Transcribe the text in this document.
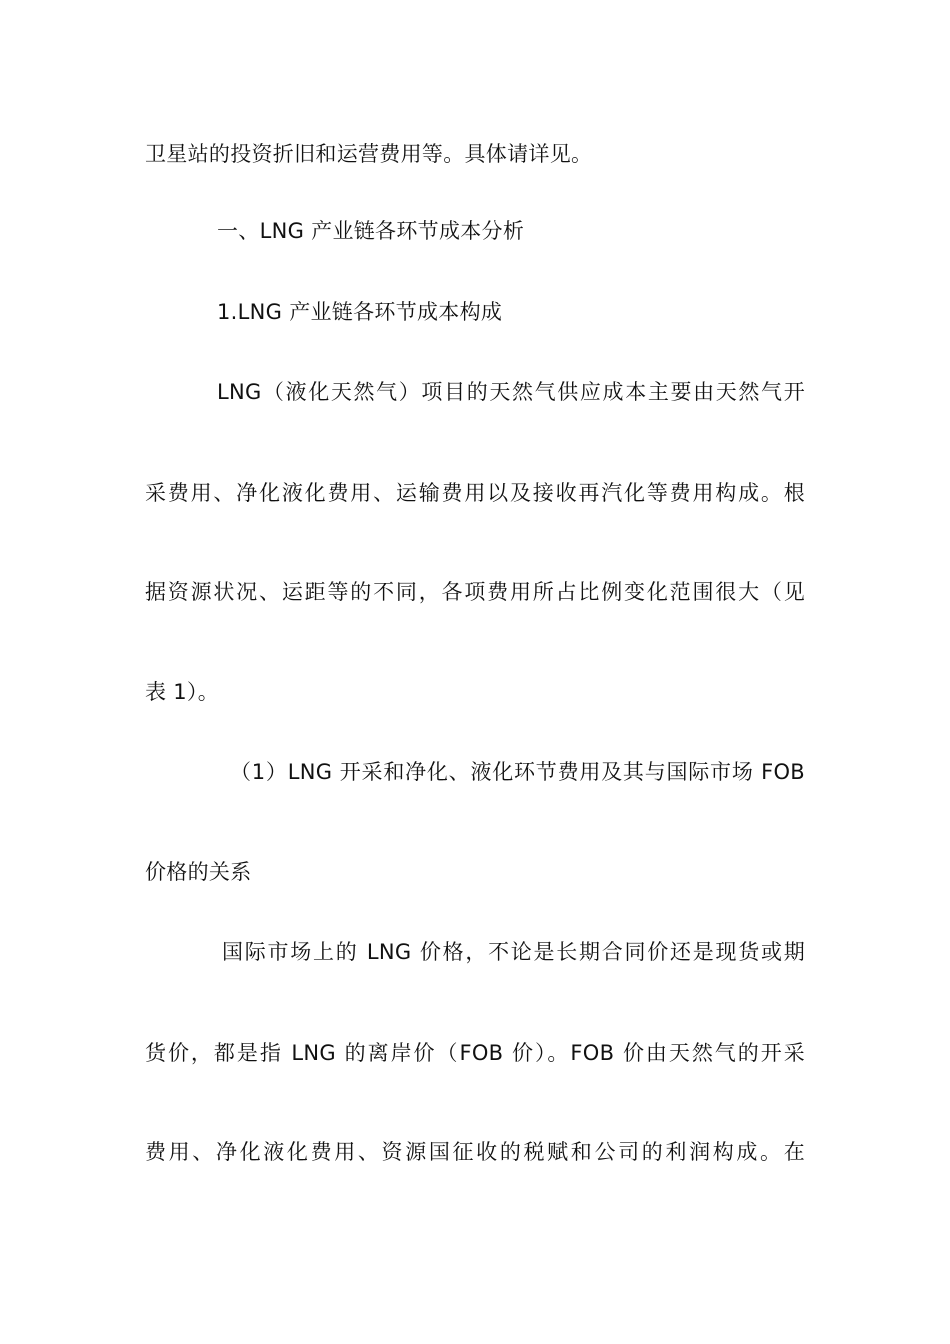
卫星站的投资折旧和运营费用等。具体请详见。
一、LNG 产业链各环节成本分析
1.LNG 产业链各环节成本构成
LNG（液化天然气）项目的天然气供应成本主要由天然气开
采费用、净化液化费用、运输费用以及接收再汽化等费用构成。根
据资源状况、运距等的不同，各项费用所占比例变化范围很大（见
表 1）。
（1）LNG 开采和净化、液化环节费用及其与国际市场 FOB
价格的关系
国际市场上的 LNG 价格，不论是长期合同价还是现货或期
货价，都是指 LNG 的离岸价（FOB 价）。FOB 价由天然气的开采
费用、净化液化费用、资源国征收的税赋和公司的利润构成。在
